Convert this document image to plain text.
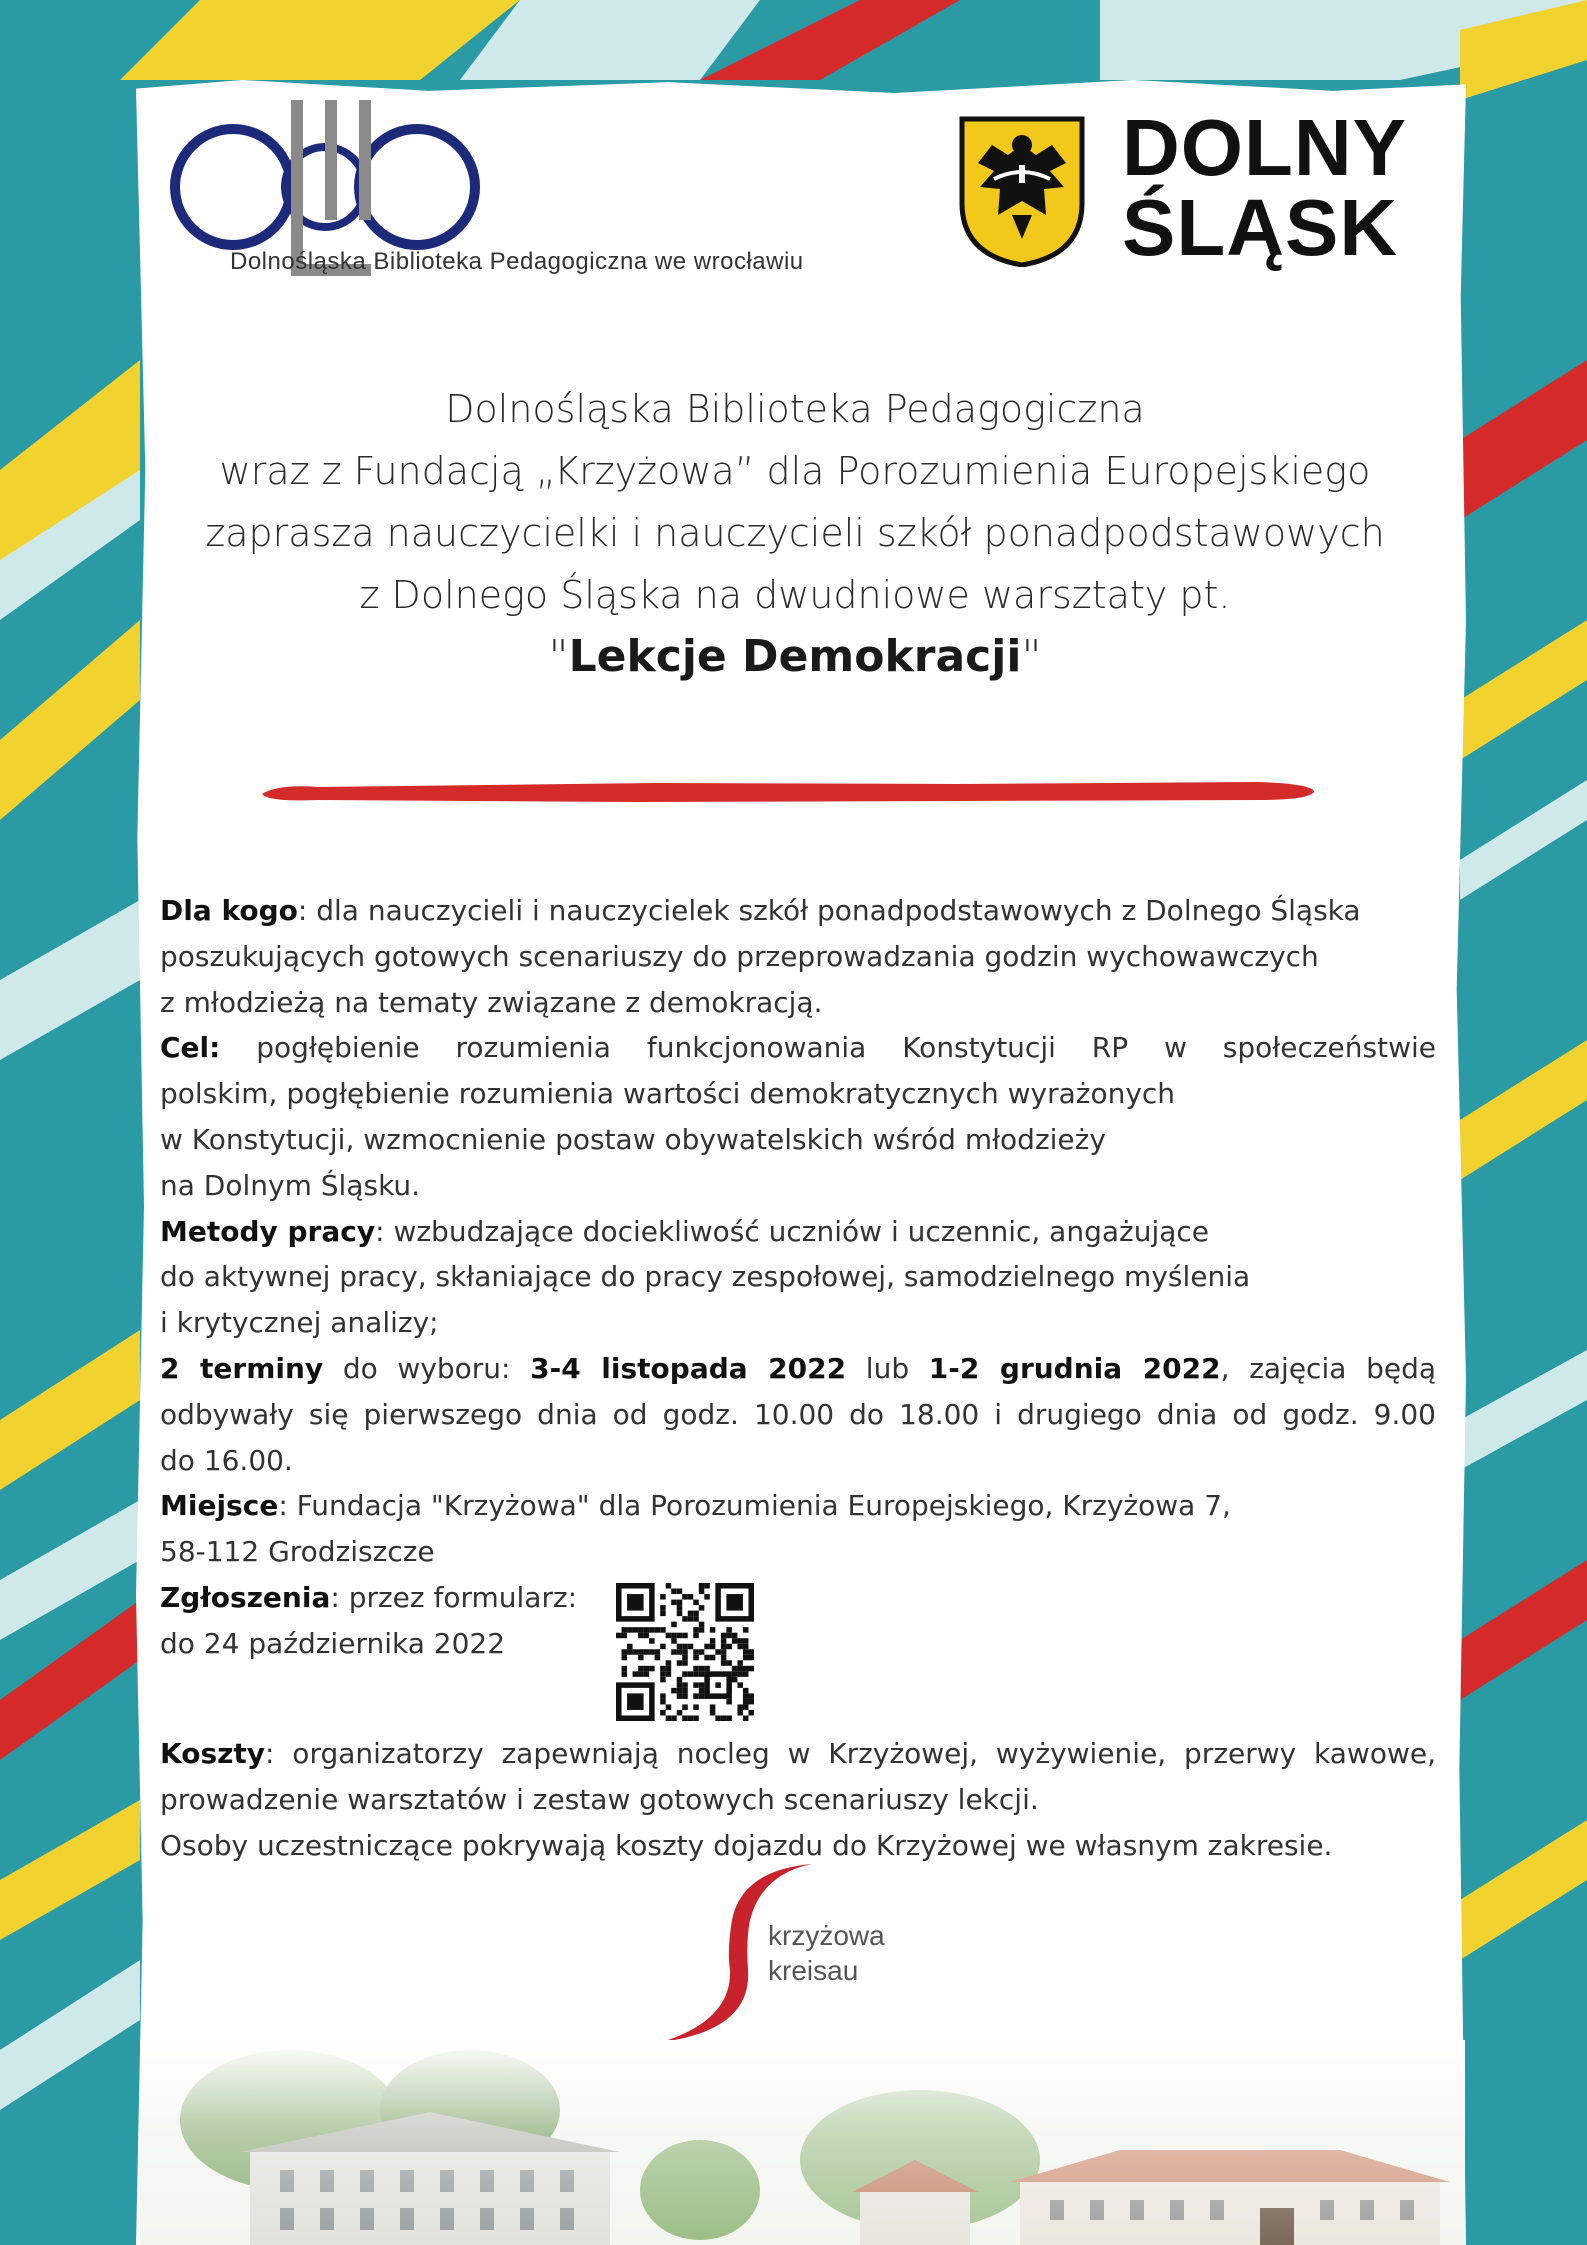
Dolnośląska Biblioteka Pedagogiczna we wrocławiu
DOLNY
ŚLĄSK
Dolnośląska Biblioteka Pedagogiczna
wraz z Fundacją „Krzyżowa” dla Porozumienia Europejskiego
zaprasza nauczycielki i nauczycieli szkół ponadpodstawowych
z Dolnego Śląska na dwudniowe warsztaty pt.
"Lekcje Demokracji"

Dla kogo: dla nauczycieli i nauczycielek szkół ponadpodstawowych z Dolnego Śląska

poszukujących gotowych scenariuszy do przeprowadzania godzin wychowawczych

z młodzieżą na tematy związane z demokracją.

Cel: pogłębienie rozumienia funkcjonowania Konstytucji RP w społeczeństwie

polskim, pogłębienie rozumienia wartości demokratycznych wyrażonych

w Konstytucji, wzmocnienie postaw obywatelskich wśród młodzieży

na Dolnym Śląsku.

Metody pracy: wzbudzające dociekliwość uczniów i uczennic, angażujące

do aktywnej pracy, skłaniające do pracy zespołowej, samodzielnego myślenia

i krytycznej analizy;

2 terminy do wyboru: 3-4 listopada 2022 lub 1-2 grudnia 2022, zajęcia będą

odbywały się pierwszego dnia od godz. 10.00 do 18.00 i drugiego dnia od godz. 9.00

do 16.00.

Miejsce: Fundacja "Krzyżowa" dla Porozumienia Europejskiego, Krzyżowa 7,

58-112 Grodziszcze

Zgłoszenia: przez formularz:

do 24 października 2022

Koszty: organizatorzy zapewniają nocleg w Krzyżowej, wyżywienie, przerwy kawowe,

prowadzenie warsztatów i zestaw gotowych scenariuszy lekcji.

Osoby uczestniczące pokrywają koszty dojazdu do Krzyżowej we własnym zakresie.

krzyżowa
kreisau
